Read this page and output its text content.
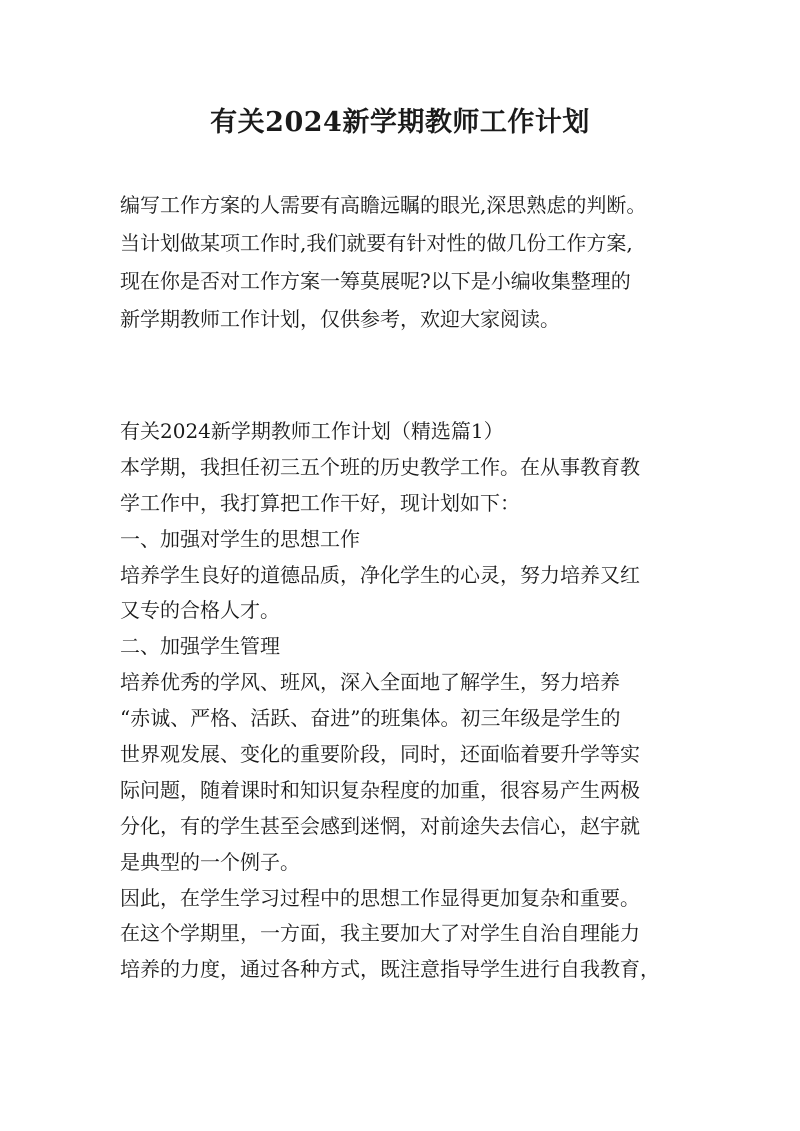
有关2024新学期教师工作计划

编写工作方案的人需要有高瞻远瞩的眼光,深思熟虑的判断。

当计划做某项工作时,我们就要有针对性的做几份工作方案,

现在你是否对工作方案一筹莫展呢?以下是小编收集整理的

新学期教师工作计划，仅供参考，欢迎大家阅读。

有关2024新学期教师工作计划（精选篇1）

本学期，我担任初三五个班的历史教学工作。在从事教育教

学工作中，我打算把工作干好，现计划如下：

一、加强对学生的思想工作

培养学生良好的道德品质，净化学生的心灵，努力培养又红

又专的合格人才。

二、加强学生管理

培养优秀的学风、班风，深入全面地了解学生，努力培养

“赤诚、严格、活跃、奋进”的班集体。初三年级是学生的

世界观发展、变化的重要阶段，同时，还面临着要升学等实

际问题，随着课时和知识复杂程度的加重，很容易产生两极

分化，有的学生甚至会感到迷惘，对前途失去信心，赵宇就

是典型的一个例子。

因此，在学生学习过程中的思想工作显得更加复杂和重要。

在这个学期里，一方面，我主要加大了对学生自治自理能力

培养的力度，通过各种方式，既注意指导学生进行自我教育，
